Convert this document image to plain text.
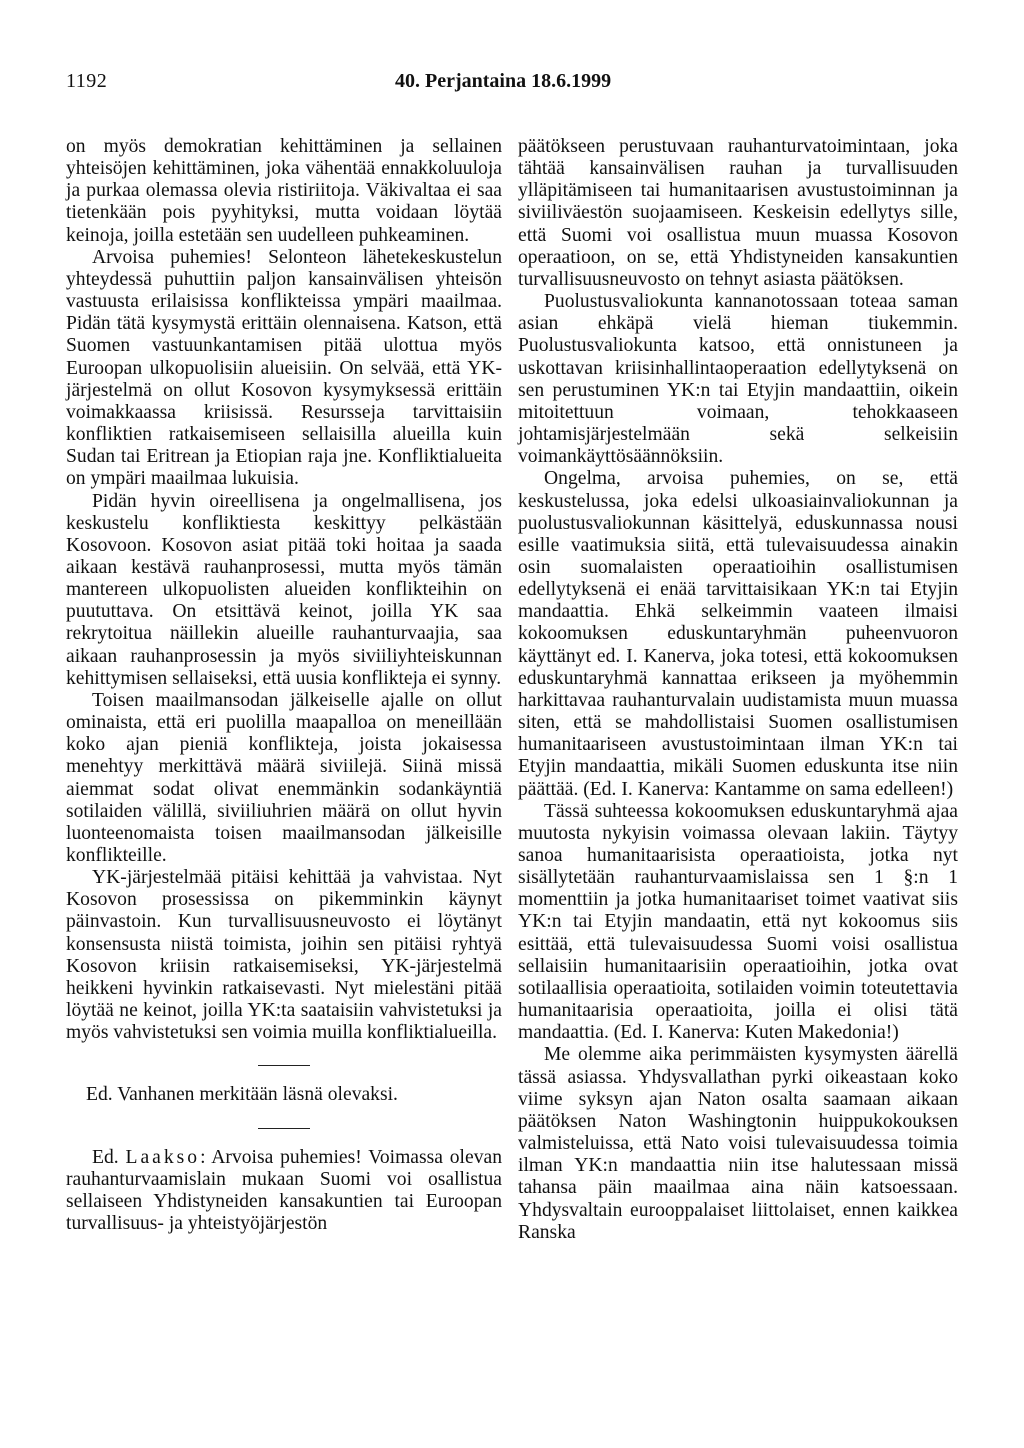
1192	40. Perjantaina 18.6.1999

on myös demokratian kehittäminen ja sellainen yhteisöjen kehittäminen, joka vähentää ennakkoluuloja ja purkaa olemassa olevia ristiriitoja. Väkivaltaa ei saa tietenkään pois pyyhityksi, mutta voidaan löytää keinoja, joilla estetään sen uudelleen puhkeaminen.

Arvoisa puhemies! Selonteon lähetekeskustelun yhteydessä puhuttiin paljon kansainvälisen yhteisön vastuusta erilaisissa konflikteissa ympäri maailmaa. Pidän tätä kysymystä erittäin olennaisena. Katson, että Suomen vastuunkantamisen pitää ulottua myös Euroopan ulkopuolisiin alueisiin. On selvää, että YK-järjestelmä on ollut Kosovon kysymyksessä erittäin voimakkaassa kriisissä. Resursseja tarvittaisiin konfliktien ratkaisemiseen sellaisilla alueilla kuin Sudan tai Eritrean ja Etiopian raja jne. Konfliktialueita on ympäri maailmaa lukuisia.

Pidän hyvin oireellisena ja ongelmallisena, jos keskustelu konfliktiesta keskittyy pelkästään Kosovoon. Kosovon asiat pitää toki hoitaa ja saada aikaan kestävä rauhanprosessi, mutta myös tämän mantereen ulkopuolisten alueiden konflikteihin on puututtava. On etsittävä keinot, joilla YK saa rekrytoitua näillekin alueille rauhanturvaajia, saa aikaan rauhanprosessin ja myös siviiliyhteiskunnan kehittymisen sellaiseksi, että uusia konflikteja ei synny.

Toisen maailmansodan jälkeiselle ajalle on ollut ominaista, että eri puolilla maapalloa on meneillään koko ajan pieniä konflikteja, joista jokaisessa menehtyy merkittävä määrä siviilejä. Siinä missä aiemmat sodat olivat enemmänkin sodankäyntiä sotilaiden välillä, siviiliuhrien määrä on ollut hyvin luonteenomaista toisen maailmansodan jälkeisille konflikteille.

YK-järjestelmää pitäisi kehittää ja vahvistaa. Nyt Kosovon prosessissa on pikemminkin käynyt päinvastoin. Kun turvallisuusneuvosto ei löytänyt konsensusta niistä toimista, joihin sen pitäisi ryhtyä Kosovon kriisin ratkaisemiseksi, YK-järjestelmä heikkeni hyvinkin ratkaisevasti. Nyt mielestäni pitää löytää ne keinot, joilla YK:ta saataisiin vahvistetuksi ja myös vahvistetuksi sen voimia muilla konfliktialueilla.

Ed. Vanhanen merkitään läsnä olevaksi.

Ed. Laakso: Arvoisa puhemies! Voimassa olevan rauhanturvaamislain mukaan Suomi voi osallistua sellaiseen Yhdistyneiden kansakuntien tai Euroopan turvallisuus- ja yhteistyöjärjestön

päätökseen perustuvaan rauhanturvatoimintaan, joka tähtää kansainvälisen rauhan ja turvallisuuden ylläpitämiseen tai humanitaarisen avustustoiminnan ja siviiliväestön suojaamiseen. Keskeisin edellytys sille, että Suomi voi osallistua muun muassa Kosovon operaatioon, on se, että Yhdistyneiden kansakuntien turvallisuusneuvosto on tehnyt asiasta päätöksen.

Puolustusvaliokunta kannanotossaan toteaa saman asian ehkäpä vielä hieman tiukemmin. Puolustusvaliokunta katsoo, että onnistuneen ja uskottavan kriisinhallintaoperaation edellytyksenä on sen perustuminen YK:n tai Etyjin mandaattiin, oikein mitoitettuun voimaan, tehokkaaseen johtamisjärjestelmään sekä selkeisiin voimankäyttösäännöksiin.

Ongelma, arvoisa puhemies, on se, että keskustelussa, joka edelsi ulkoasiainvaliokunnan ja puolustusvaliokunnan käsittelyä, eduskunnassa nousi esille vaatimuksia siitä, että tulevaisuudessa ainakin osin suomalaisten operaatioihin osallistumisen edellytyksenä ei enää tarvittaisikaan YK:n tai Etyjin mandaattia. Ehkä selkeimmin vaateen ilmaisi kokoomuksen eduskuntaryhmän puheenvuoron käyttänyt ed. I. Kanerva, joka totesi, että kokoomuksen eduskuntaryhmä kannattaa erikseen ja myöhemmin harkittavaa rauhanturvalain uudistamista muun muassa siten, että se mahdollistaisi Suomen osallistumisen humanitaariseen avustustoimintaan ilman YK:n tai Etyjin mandaattia, mikäli Suomen eduskunta itse niin päättää. (Ed. I. Kanerva: Kantamme on sama edelleen!)

Tässä suhteessa kokoomuksen eduskuntaryhmä ajaa muutosta nykyisin voimassa olevaan lakiin. Täytyy sanoa humanitaarisista operaatioista, jotka nyt sisällytetään rauhanturvaamislaissa sen 1 §:n 1 momenttiin ja jotka humanitaariset toimet vaativat siis YK:n tai Etyjin mandaatin, että nyt kokoomus siis esittää, että tulevaisuudessa Suomi voisi osallistua sellaisiin humanitaarisiin operaatioihin, jotka ovat sotilaallisia operaatioita, sotilaiden voimin toteutettavia humanitaarisia operaatioita, joilla ei olisi tätä mandaattia. (Ed. I. Kanerva: Kuten Makedonia!)

Me olemme aika perimmäisten kysymysten äärellä tässä asiassa. Yhdysvallathan pyrki oikeastaan koko viime syksyn ajan Naton osalta saamaan aikaan päätöksen Naton Washingtonin huippukokouksen valmisteluissa, että Nato voisi tulevaisuudessa toimia ilman YK:n mandaattia niin itse halutessaan missä tahansa päin maailmaa aina näin katsoessaan. Yhdysvaltain eurooppalaiset liittolaiset, ennen kaikkea Ranska
